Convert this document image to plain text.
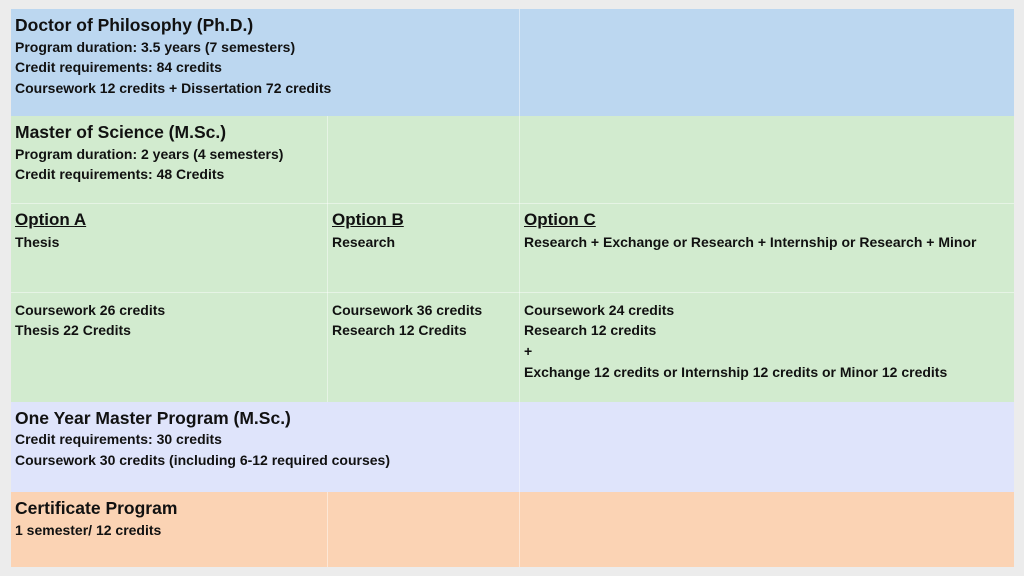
Doctor of Philosophy (Ph.D.)
Program duration: 3.5 years (7 semesters)
Credit requirements: 84 credits
Coursework 12 credits + Dissertation 72 credits
Master of Science (M.Sc.)
Program duration: 2 years (4 semesters)
Credit requirements: 48 Credits
Option A
Thesis
Coursework 26 credits
Thesis 22 Credits
Option B
Research
Coursework 36 credits
Research 12 Credits
Option C
Research + Exchange or Research + Internship or Research + Minor
Coursework 24 credits
Research 12 credits
+
Exchange 12 credits or Internship 12 credits or Minor 12 credits
One Year Master Program (M.Sc.)
Credit requirements: 30 credits
Coursework 30 credits (including 6-12 required courses)
Certificate Program
1 semester/ 12 credits
